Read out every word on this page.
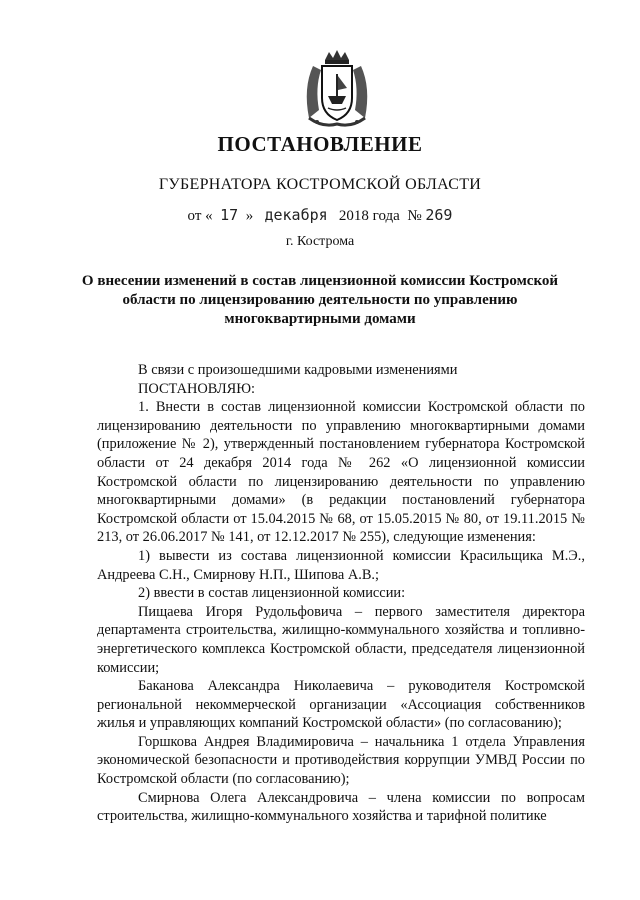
ПОСТАНОВЛЕНИЕ
ГУБЕРНАТОРА КОСТРОМСКОЙ ОБЛАСТИ
от « 17 » декабря 2018 года № 269
г. Кострома
О внесении изменений в состав лицензионной комиссии Костромской
области по лицензированию деятельности по управлению
многоквартирными домами

В связи с произошедшими кадровыми изменениями

ПОСТАНОВЛЯЮ:

1. Внести в состав лицензионной комиссии Костромской области по лицензированию деятельности по управлению многоквартирными домами (приложение № 2), утвержденный постановлением губернатора Костромской области от 24 декабря 2014 года № 262 «О лицензионной комиссии Костромской области по лицензированию деятельности по управлению многоквартирными домами» (в редакции постановлений губернатора Костромской области от 15.04.2015 № 68, от 15.05.2015 № 80, от 19.11.2015 № 213, от 26.06.2017 № 141, от 12.12.2017 № 255), следующие изменения:

1) вывести из состава лицензионной комиссии Красильщика М.Э., Андреева С.Н., Смирнову Н.П., Шипова А.В.;

2) ввести в состав лицензионной комиссии:

Пищаева Игоря Рудольфовича – первого заместителя директора департамента строительства, жилищно-коммунального хозяйства и топливно-энергетического комплекса Костромской области, председателя лицензионной комиссии;

Баканова Александра Николаевича – руководителя Костромской региональной некоммерческой организации «Ассоциация собственников жилья и управляющих компаний Костромской области» (по согласованию);

Горшкова Андрея Владимировича – начальника 1 отдела Управления экономической безопасности и противодействия коррупции УМВД России по Костромской области (по согласованию);

Смирнова Олега Александровича – члена комиссии по вопросам строительства, жилищно-коммунального хозяйства и тарифной политике
